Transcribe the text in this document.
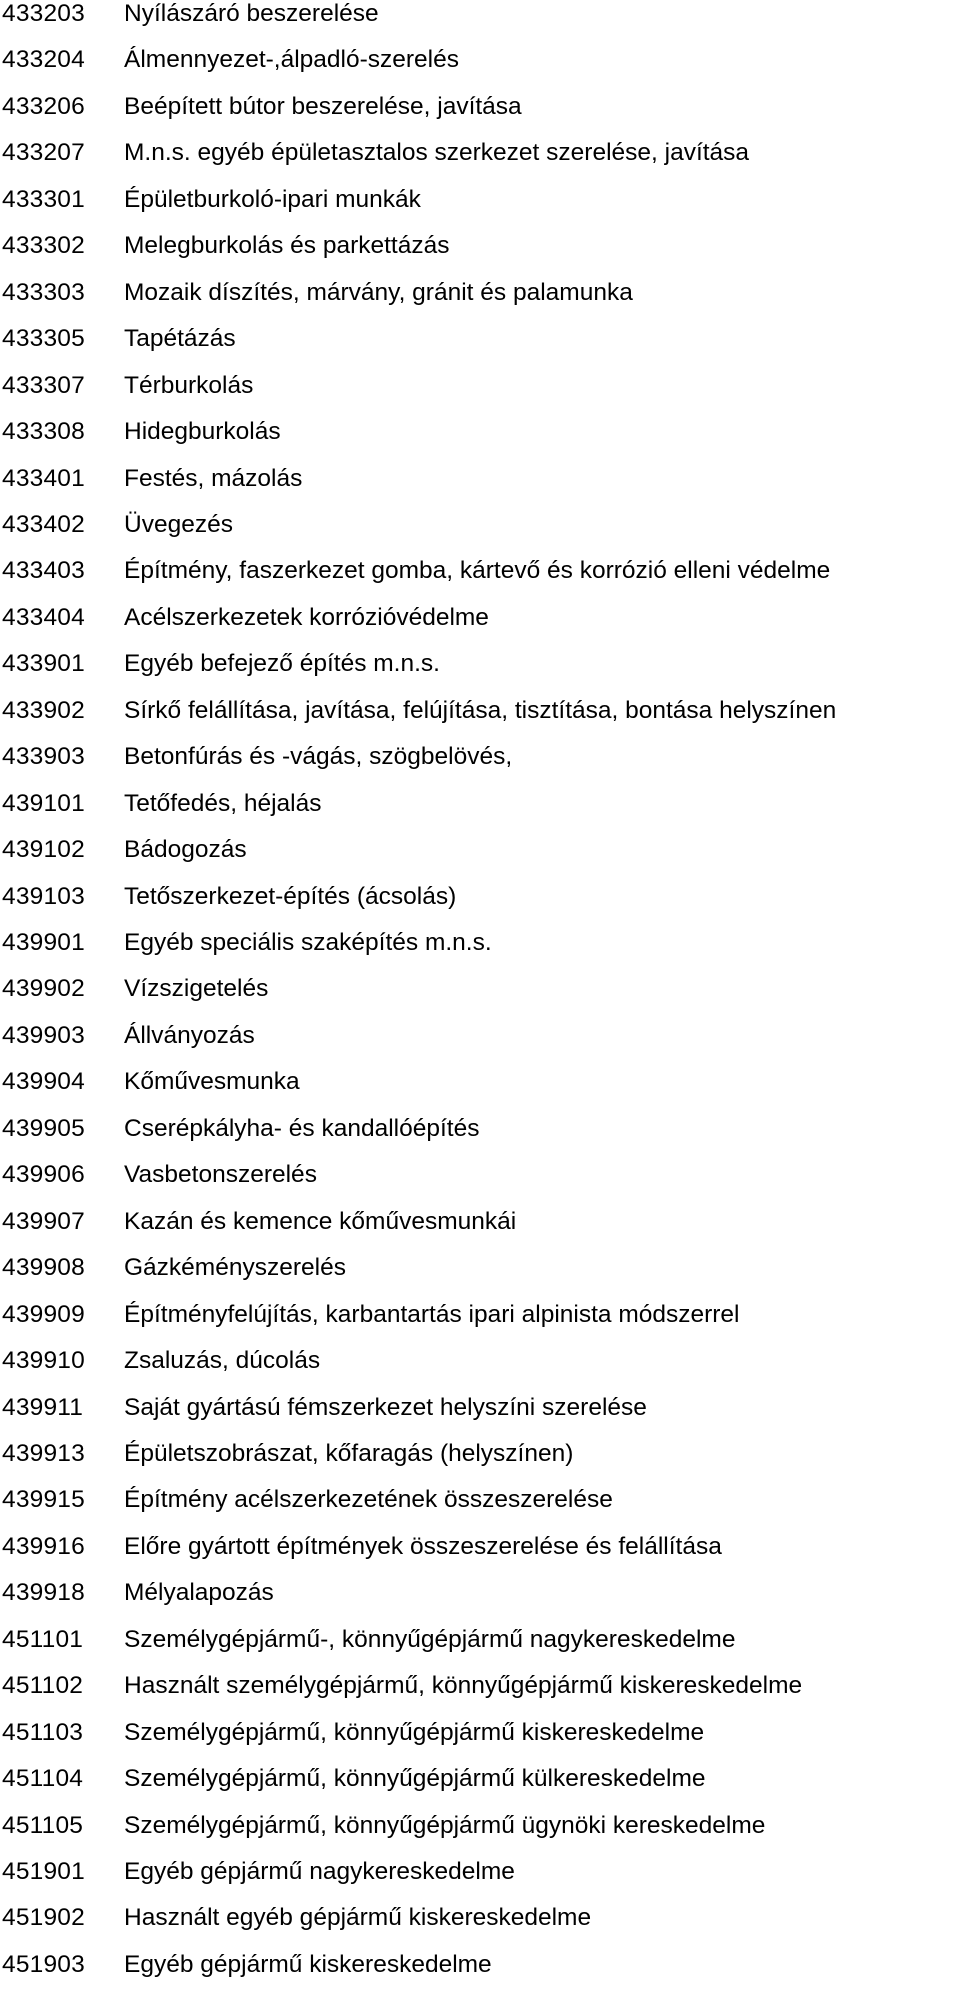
433203 Nyílászáró beszerelése
433204 Álmennyezet-,álpadló-szerelés
433206 Beépített bútor beszerelése, javítása
433207 M.n.s. egyéb épületasztalos szerkezet szerelése, javítása
433301 Épületburkoló-ipari munkák
433302 Melegburkolás és parkettázás
433303 Mozaik díszítés, márvány, gránit és palamunka
433305 Tapétázás
433307 Térburkolás
433308 Hidegburkolás
433401 Festés, mázolás
433402 Üvegezés
433403 Építmény, faszerkezet gomba, kártevő és korrózió elleni védelme
433404 Acélszerkezetek korrózióvédelme
433901 Egyéb befejező építés m.n.s.
433902 Sírkő felállítása, javítása, felújítása, tisztítása, bontása helyszínen
433903 Betonfúrás és -vágás, szögbelövés,
439101 Tetőfedés, héjalás
439102 Bádogozás
439103 Tetőszerkezet-építés (ácsolás)
439901 Egyéb speciális szaképítés m.n.s.
439902 Vízszigetelés
439903 Állványozás
439904 Kőművesmunka
439905 Cserépkályha- és kandallóépítés
439906 Vasbetonszerelés
439907 Kazán és kemence kőművesmunkái
439908 Gázkéményszerelés
439909 Építményfelújítás, karbantartás ipari alpinista módszerrel
439910 Zsaluzás, dúcolás
439911 Saját gyártású fémszerkezet helyszíni szerelése
439913 Épületszobrászat, kőfaragás (helyszínen)
439915 Építmény acélszerkezetének összeszerelése
439916 Előre gyártott építmények összeszerelése és felállítása
439918 Mélyalapozás
451101 Személygépjármű-, könnyűgépjármű nagykereskedelme
451102 Használt személygépjármű, könnyűgépjármű kiskereskedelme
451103 Személygépjármű, könnyűgépjármű kiskereskedelme
451104 Személygépjármű, könnyűgépjármű külkereskedelme
451105 Személygépjármű, könnyűgépjármű ügynöki kereskedelme
451901 Egyéb gépjármű nagykereskedelme
451902 Használt egyéb gépjármű kiskereskedelme
451903 Egyéb gépjármű kiskereskedelme
